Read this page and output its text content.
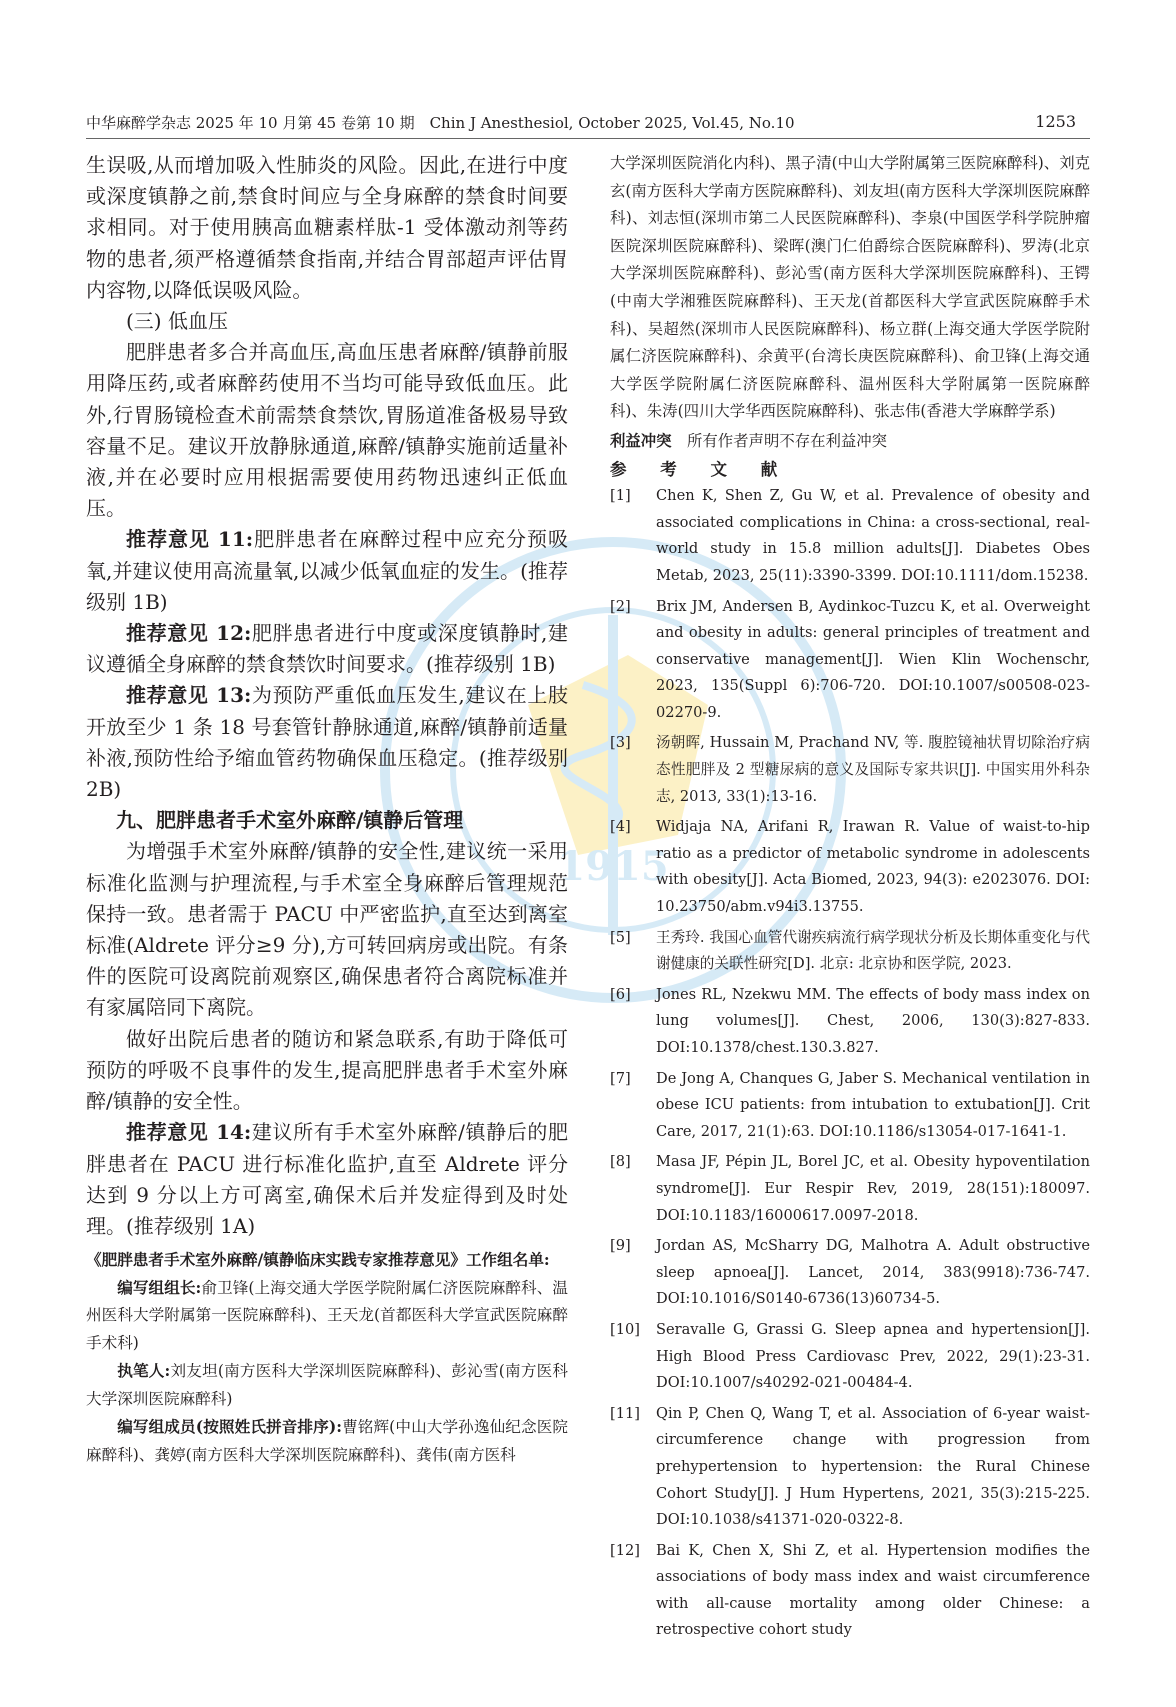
1915
中华麻醉学杂志 2025 年 10 月第 45 卷第 10 期　Chin J Anesthesiol, October 2025, Vol.45, No.10	1253

生误吸,从而增加吸入性肺炎的风险。因此,在进行中度或深度镇静之前,禁食时间应与全身麻醉的禁食时间要求相同。对于使用胰高血糖素样肽-1 受体激动剂等药物的患者,须严格遵循禁食指南,并结合胃部超声评估胃内容物,以降低误吸风险。

(三) 低血压

肥胖患者多合并高血压,高血压患者麻醉/镇静前服用降压药,或者麻醉药使用不当均可能导致低血压。此外,行胃肠镜检查术前需禁食禁饮,胃肠道准备极易导致容量不足。建议开放静脉通道,麻醉/镇静实施前适量补液,并在必要时应用根据需要使用药物迅速纠正低血压。

推荐意见 11:肥胖患者在麻醉过程中应充分预吸氧,并建议使用高流量氧,以减少低氧血症的发生。(推荐级别 1B)

推荐意见 12:肥胖患者进行中度或深度镇静时,建议遵循全身麻醉的禁食禁饮时间要求。(推荐级别 1B)

推荐意见 13:为预防严重低血压发生,建议在上肢开放至少 1 条 18 号套管针静脉通道,麻醉/镇静前适量补液,预防性给予缩血管药物确保血压稳定。(推荐级别 2B)

九、肥胖患者手术室外麻醉/镇静后管理

为增强手术室外麻醉/镇静的安全性,建议统一采用标准化监测与护理流程,与手术室全身麻醉后管理规范保持一致。患者需于 PACU 中严密监护,直至达到离室标准(Aldrete 评分≥9 分),方可转回病房或出院。有条件的医院可设离院前观察区,确保患者符合离院标准并有家属陪同下离院。

做好出院后患者的随访和紧急联系,有助于降低可预防的呼吸不良事件的发生,提高肥胖患者手术室外麻醉/镇静的安全性。

推荐意见 14:建议所有手术室外麻醉/镇静后的肥胖患者在 PACU 进行标准化监护,直至 Aldrete 评分达到 9 分以上方可离室,确保术后并发症得到及时处理。(推荐级别 1A)

《肥胖患者手术室外麻醉/镇静临床实践专家推荐意见》工作组名单:

编写组组长:俞卫锋(上海交通大学医学院附属仁济医院麻醉科、温州医科大学附属第一医院麻醉科)、王天龙(首都医科大学宣武医院麻醉手术科)

执笔人:刘友坦(南方医科大学深圳医院麻醉科)、彭沁雪(南方医科大学深圳医院麻醉科)

编写组成员(按照姓氏拼音排序):曹铭辉(中山大学孙逸仙纪念医院麻醉科)、龚婷(南方医科大学深圳医院麻醉科)、龚伟(南方医科

大学深圳医院消化内科)、黑子清(中山大学附属第三医院麻醉科)、刘克玄(南方医科大学南方医院麻醉科)、刘友坦(南方医科大学深圳医院麻醉科)、刘志恒(深圳市第二人民医院麻醉科)、李泉(中国医学科学院肿瘤医院深圳医院麻醉科)、梁晖(澳门仁伯爵综合医院麻醉科)、罗涛(北京大学深圳医院麻醉科)、彭沁雪(南方医科大学深圳医院麻醉科)、王锷(中南大学湘雅医院麻醉科)、王天龙(首都医科大学宣武医院麻醉手术科)、吴超然(深圳市人民医院麻醉科)、杨立群(上海交通大学医学院附属仁济医院麻醉科)、余黄平(台湾长庚医院麻醉科)、俞卫锋(上海交通大学医学院附属仁济医院麻醉科、温州医科大学附属第一医院麻醉科)、朱涛(四川大学华西医院麻醉科)、张志伟(香港大学麻醉学系)

利益冲突　 所有作者声明不存在利益冲突

参 考 文 献

[1]	Chen K, Shen Z, Gu W, et al. Prevalence of obesity and associated complications in China: a cross-sectional, real-world study in 15.8 million adults[J]. Diabetes Obes Metab, 2023, 25(11):3390-3399. DOI:10.1111/dom.15238.
[2]	Brix JM, Andersen B, Aydinkoc-Tuzcu K, et al. Overweight and obesity in adults: general principles of treatment and conservative management[J]. Wien Klin Wochenschr, 2023, 135(Suppl 6):706-720. DOI:10.1007/s00508-023-02270-9.
[3]	汤朝晖, Hussain M, Prachand NV, 等. 腹腔镜袖状胃切除治疗病态性肥胖及 2 型糖尿病的意义及国际专家共识[J]. 中国实用外科杂志, 2013, 33(1):13-16.
[4]	Widjaja NA, Arifani R, Irawan R. Value of waist-to-hip ratio as a predictor of metabolic syndrome in adolescents with obesity[J]. Acta Biomed, 2023, 94(3): e2023076. DOI: 10.23750/abm.v94i3.13755.
[5]	王秀玲. 我国心血管代谢疾病流行病学现状分析及长期体重变化与代谢健康的关联性研究[D]. 北京: 北京协和医学院, 2023.
[6]	Jones RL, Nzekwu MM. The effects of body mass index on lung volumes[J]. Chest, 2006, 130(3):827-833. DOI:10.1378/chest.130.3.827.
[7]	De Jong A, Chanques G, Jaber S. Mechanical ventilation in obese ICU patients: from intubation to extubation[J]. Crit Care, 2017, 21(1):63. DOI:10.1186/s13054-017-1641-1.
[8]	Masa JF, Pépin JL, Borel JC, et al. Obesity hypoventilation syndrome[J]. Eur Respir Rev, 2019, 28(151):180097. DOI:10.1183/16000617.0097-2018.
[9]	Jordan AS, McSharry DG, Malhotra A. Adult obstructive sleep apnoea[J]. Lancet, 2014, 383(9918):736-747. DOI:10.1016/S0140-6736(13)60734-5.
[10]	Seravalle G, Grassi G. Sleep apnea and hypertension[J]. High Blood Press Cardiovasc Prev, 2022, 29(1):23-31. DOI:10.1007/s40292-021-00484-4.
[11]	Qin P, Chen Q, Wang T, et al. Association of 6-year waist-circumference change with progression from prehypertension to hypertension: the Rural Chinese Cohort Study[J]. J Hum Hypertens, 2021, 35(3):215-225. DOI:10.1038/s41371-020-0322-8.
[12]	Bai K, Chen X, Shi Z, et al. Hypertension modifies the associations of body mass index and waist circumference with all-cause mortality among older Chinese: a retrospective cohort study
